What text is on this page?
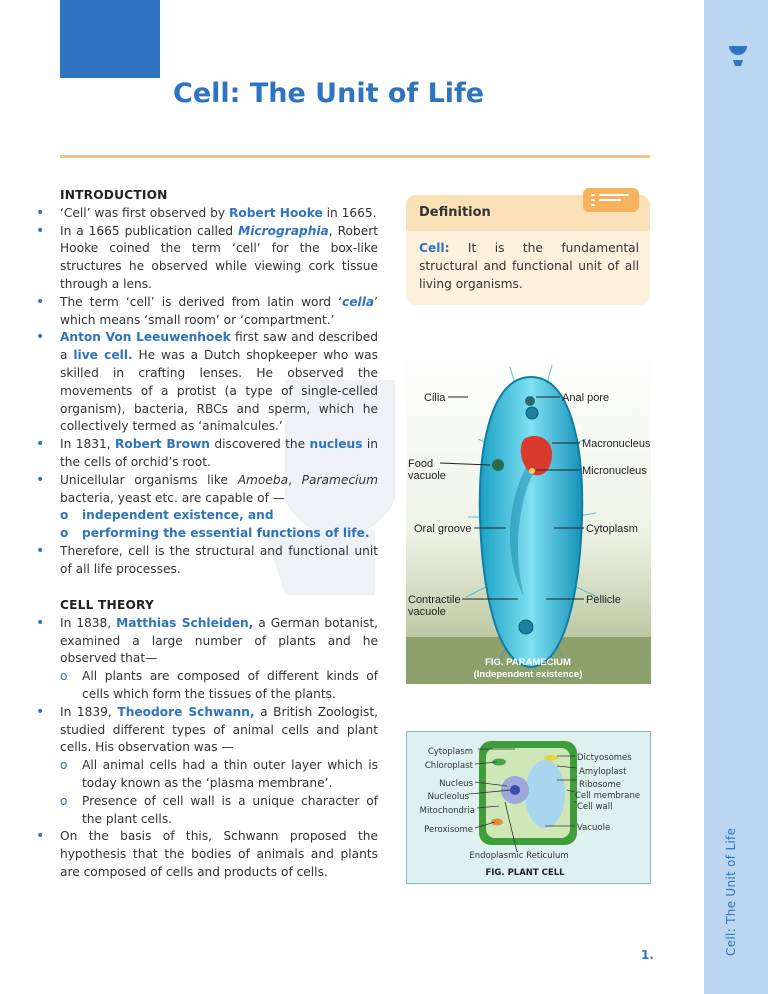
Cell: The Unit of Life
Cell: The Unit of Life
INTRODUCTION
• ‘Cell’ was first observed by Robert Hooke in 1665.
• In a 1665 publication called Micrographia, Robert Hooke coined the term ‘cell’ for the box-like structures he observed while viewing cork tissue through a lens.
• The term ‘cell’ is derived from latin word ‘cella’ which means ‘small room’ or ‘compartment.’
• Anton Von Leeuwenhoek first saw and described a live cell. He was a Dutch shopkeeper who was skilled in crafting lenses. He observed the movements of a protist (a type of single-celled organism), bacteria, RBCs and sperm, which he collectively termed as ‘animalcules.’
• In 1831, Robert Brown discovered the nucleus in the cells of orchid’s root.
• Unicellular organisms like Amoeba, Paramecium bacteria, yeast etc. are capable of —
o independent existence, and
o performing the essential functions of life.
• Therefore, cell is the structural and functional unit of all life processes.
CELL THEORY
• In 1838, Matthias Schleiden, a German botanist, examined a large number of plants and he observed that—
o All plants are composed of different kinds of cells which form the tissues of the plants.
• In 1839, Theodore Schwann, a British Zoologist, studied different types of animal cells and plant cells. His observation was —
o All animal cells had a thin outer layer which is today known as the ‘plasma membrane’.
o Presence of cell wall is a unique character of the plant cells.
• On the basis of this, Schwann proposed the hypothesis that the bodies of animals and plants are composed of cells and products of cells.
Definition
Cell: It is the fundamental structural and functional unit of all living organisms.
Cilia	Anal pore
Macronucleus
Food
vacuole	Micronucleus
Oral groove	Cytoplasm
Contractile
vacuole
Pellicle
FIG. PARAMECIUM
(Independent existence)
Cytoplasm
Chloroplast
Nucleus
Nucleolus
Mitochondria
Peroxisome
Dictyosomes
Amyloplast
Ribosome
Cell membrane
Cell wall
Vacuole
Endoplasmic Reticulum
FIG. PLANT CELL
1.
